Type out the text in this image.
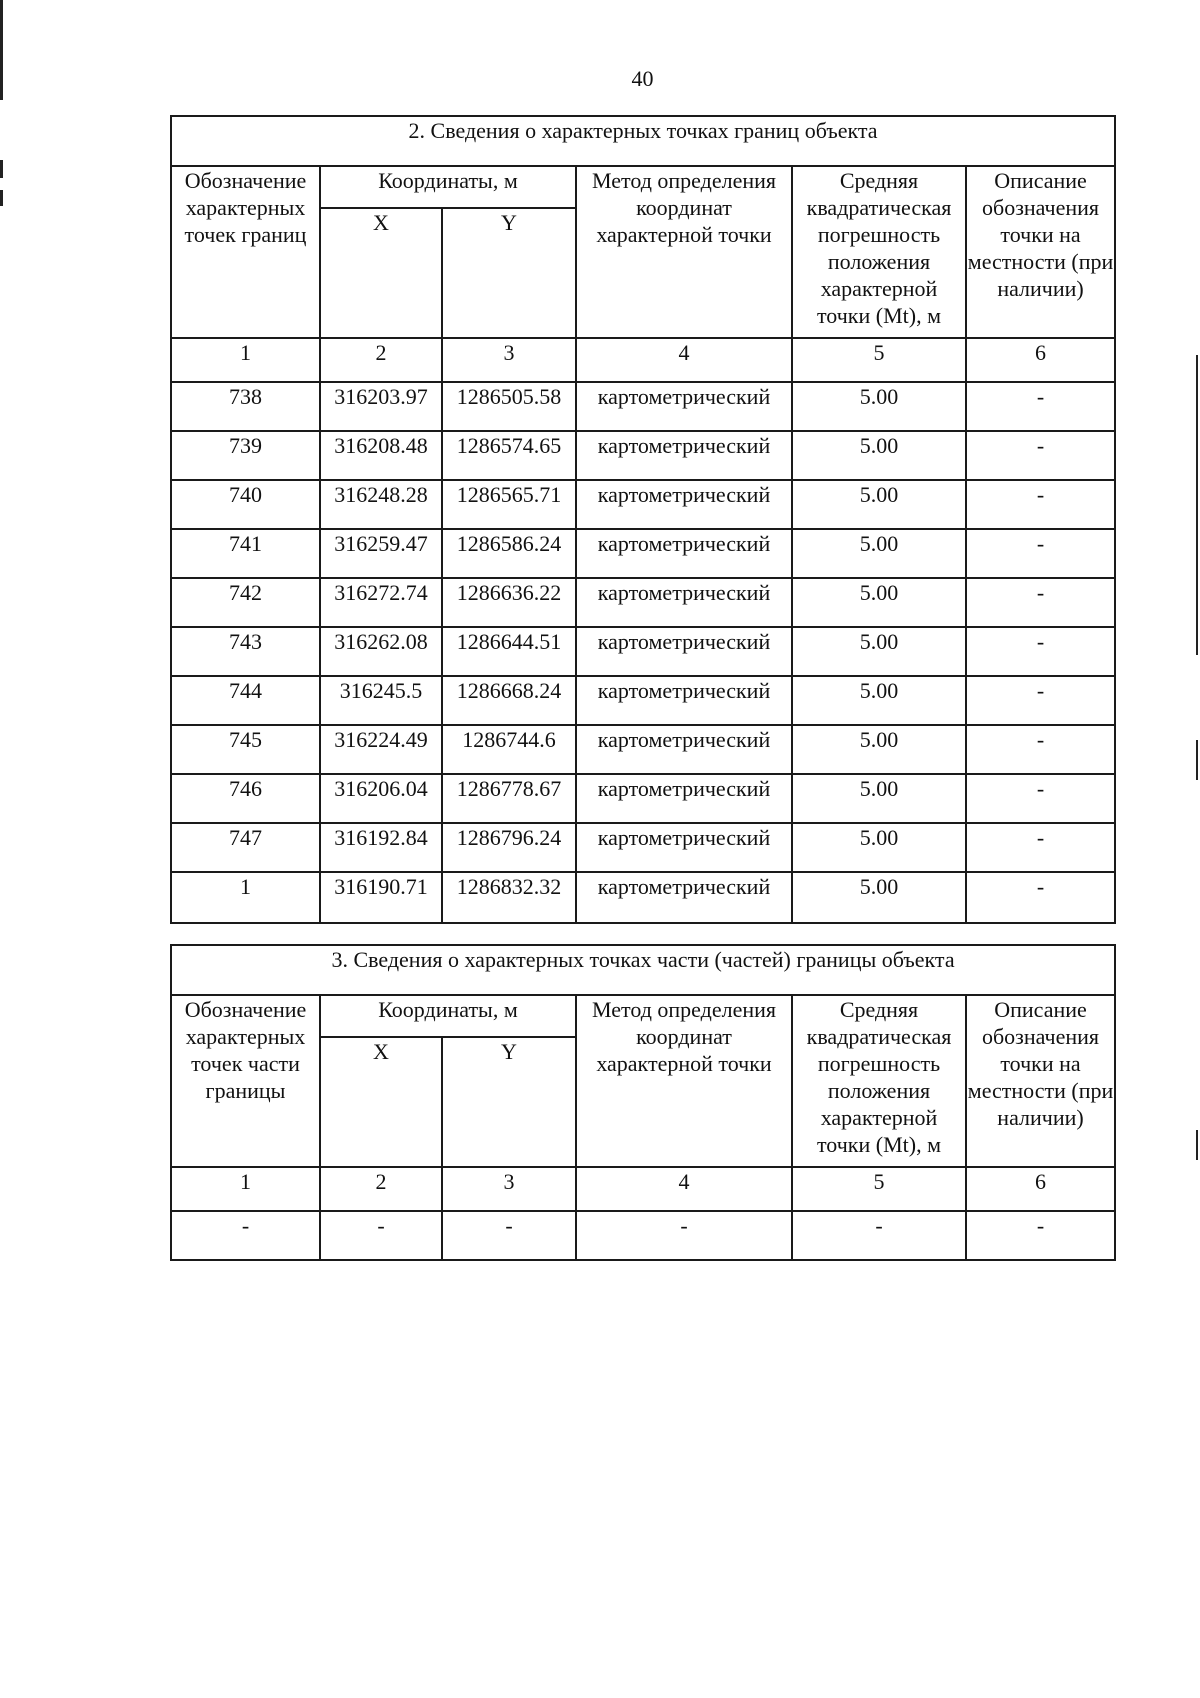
40
2. Сведения о характерных точках границ объекта					
Обозначение характерных точек границ	Координаты, м		Метод определения координат характерной точки	Средняя квадратическая погрешность положения характерной точки (Mt), м	Описание обозначения точки на местности (при наличии)
	X	Y			
1	2	3	4	5	6
738	316203.97	1286505.58	картометрический	5.00	-
739	316208.48	1286574.65	картометрический	5.00	-
740	316248.28	1286565.71	картометрический	5.00	-
741	316259.47	1286586.24	картометрический	5.00	-
742	316272.74	1286636.22	картометрический	5.00	-
743	316262.08	1286644.51	картометрический	5.00	-
744	316245.5	1286668.24	картометрический	5.00	-
745	316224.49	1286744.6	картометрический	5.00	-
746	316206.04	1286778.67	картометрический	5.00	-
747	316192.84	1286796.24	картометрический	5.00	-
1	316190.71	1286832.32	картометрический	5.00	-
3. Сведения о характерных точках части (частей) границы объекта					
Обозначение характерных точек части границы	Координаты, м		Метод определения координат характерной точки	Средняя квадратическая погрешность положения характерной точки (Mt), м	Описание обозначения точки на местности (при наличии)
	X	Y			
1	2	3	4	5	6
-	-	-	-	-	-
